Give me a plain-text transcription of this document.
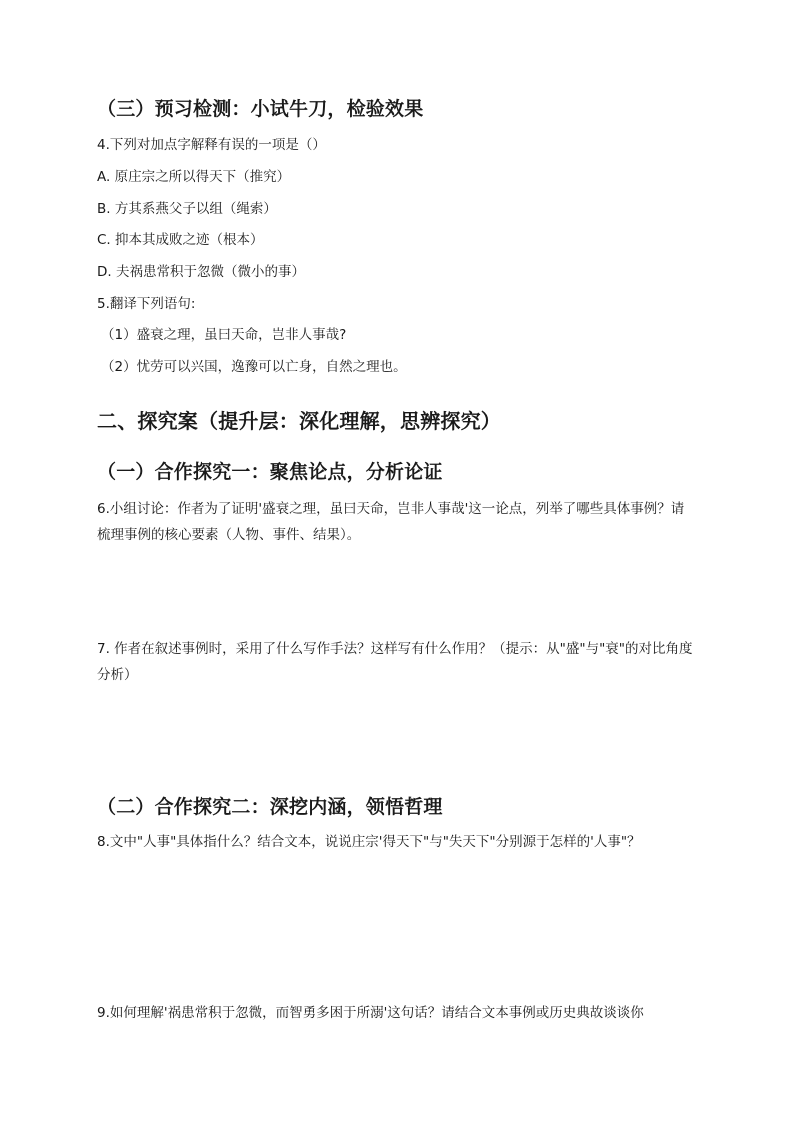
（三）预习检测：小试牛刀，检验效果
4.下列对加点字解释有误的一项是（）
A. 原庄宗之所以得天下（推究）
B. 方其系燕父子以组（绳索）
C. 抑本其成败之迹（根本）
D. 夫祸患常积于忽微（微小的事）
5.翻译下列语句:
（1）盛衰之理，虽曰天命，岂非人事哉?
（2）忧劳可以兴国，逸豫可以亡身，自然之理也。
二、探究案（提升层：深化理解，思辨探究）
（一）合作探究一：聚焦论点，分析论证
6.小组讨论：作者为了证明'盛衰之理，虽曰天命，岂非人事哉'这一论点，列举了哪些具体事例？请梳理事例的核心要素（人物、事件、结果）。
7. 作者在叙述事例时，采用了什么写作手法？这样写有什么作用？（提示：从"盛"与"衰"的对比角度分析）
（二）合作探究二：深挖内涵，领悟哲理
8.文中"人事"具体指什么？结合文本，说说庄宗'得天下"与"失天下"分别源于怎样的'人事"？
9.如何理解'祸患常积于忽微，而智勇多困于所溺'这句话？请结合文本事例或历史典故谈谈你
